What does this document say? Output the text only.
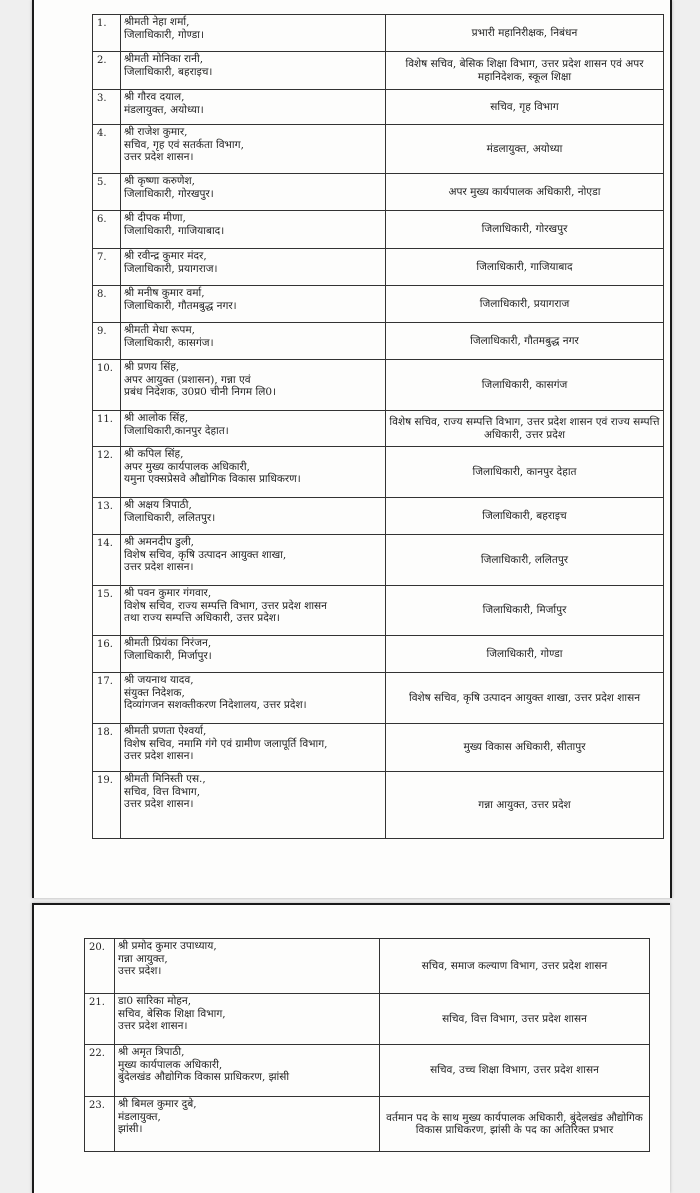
1.	श्रीमती नेहा शर्मा,
जिलाधिकारी, गोण्डा।	प्रभारी महानिरीक्षक, निबंधन
2.	श्रीमती मोनिका रानी,
जिलाधिकारी, बहराइच।	विशेष सचिव, बेसिक शिक्षा विभाग, उत्तर प्रदेश शासन एवं अपर महानिदेशक, स्कूल शिक्षा
3.	श्री गौरव दयाल,
मंडलायुक्त, अयोध्या।	सचिव, गृह विभाग
4.	श्री राजेश कुमार,
सचिव, गृह एवं सतर्कता विभाग,
उत्तर प्रदेश शासन।	मंडलायुक्त, अयोध्या
5.	श्री कृष्णा करुणेश,
जिलाधिकारी, गोरखपुर।	अपर मुख्य कार्यपालक अधिकारी, नोएडा
6.	श्री दीपक मीणा,
जिलाधिकारी, गाजियाबाद।	जिलाधिकारी, गोरखपुर
7.	श्री रवीन्द्र कुमार मंदर,
जिलाधिकारी, प्रयागराज।	जिलाधिकारी, गाजियाबाद
8.	श्री मनीष कुमार वर्मा,
जिलाधिकारी, गौतमबुद्ध नगर।	जिलाधिकारी, प्रयागराज
9.	श्रीमती मेधा रूपम,
जिलाधिकारी, कासगंज।	जिलाधिकारी, गौतमबुद्ध नगर
10.	श्री प्रणय सिंह,
अपर आयुक्त (प्रशासन), गन्ना एवं
प्रबंध निदेशक, उ0प्र0 चीनी निगम लि0।	जिलाधिकारी, कासगंज
11.	श्री आलोक सिंह,
जिलाधिकारी,कानपुर देहात।	विशेष सचिव, राज्य सम्पत्ति विभाग, उत्तर प्रदेश शासन एवं राज्य सम्पत्ति अधिकारी, उत्तर प्रदेश
12.	श्री कपिल सिंह,
अपर मुख्य कार्यपालक अधिकारी,
यमुना एक्सप्रेसवे औद्योगिक विकास प्राधिकरण।	जिलाधिकारी, कानपुर देहात
13.	श्री अक्षय त्रिपाठी,
जिलाधिकारी, ललितपुर।	जिलाधिकारी, बहराइच
14.	श्री अमनदीप डुली,
विशेष सचिव, कृषि उत्पादन आयुक्त शाखा,
उत्तर प्रदेश शासन।	जिलाधिकारी, ललितपुर
15.	श्री पवन कुमार गंगवार,
विशेष सचिव, राज्य सम्पत्ति विभाग, उत्तर प्रदेश शासन
तथा राज्य सम्पत्ति अधिकारी, उत्तर प्रदेश।	जिलाधिकारी, मिर्जापुर
16.	श्रीमती प्रियंका निरंजन,
जिलाधिकारी, मिर्जापुर।	जिलाधिकारी, गोण्डा
17.	श्री जयनाथ यादव,
संयुक्त निदेशक,
दिव्यांगजन सशक्तीकरण निदेशालय, उत्तर प्रदेश।	विशेष सचिव, कृषि उत्पादन आयुक्त शाखा, उत्तर प्रदेश शासन
18.	श्रीमती प्रणता ऐश्वर्या,
विशेष सचिव, नमामि गंगे एवं ग्रामीण जलापूर्ति विभाग,
उत्तर प्रदेश शासन।	मुख्य विकास अधिकारी, सीतापुर
19.	श्रीमती मिनिस्ती एस.,
सचिव, वित्त विभाग,
उत्तर प्रदेश शासन।	गन्ना आयुक्त, उत्तर प्रदेश
20.	श्री प्रमोद कुमार उपाध्याय,
गन्ना आयुक्त,
उत्तर प्रदेश।	सचिव, समाज कल्याण विभाग, उत्तर प्रदेश शासन
21.	डा0 सारिका मोहन,
सचिव, बेसिक शिक्षा विभाग,
उत्तर प्रदेश शासन।	सचिव, वित्त विभाग, उत्तर प्रदेश शासन
22.	श्री अमृत त्रिपाठी,
मुख्य कार्यपालक अधिकारी,
बुंदेलखंड औद्योगिक विकास प्राधिकरण, झांसी	सचिव, उच्च शिक्षा विभाग, उत्तर प्रदेश शासन
23.	श्री बिमल कुमार दुबे,
मंडलायुक्त,
झांसी।	वर्तमान पद के साथ मुख्य कार्यपालक अधिकारी, बुंदेलखंड औद्योगिक विकास प्राधिकरण, झांसी के पद का अतिरिक्त प्रभार
